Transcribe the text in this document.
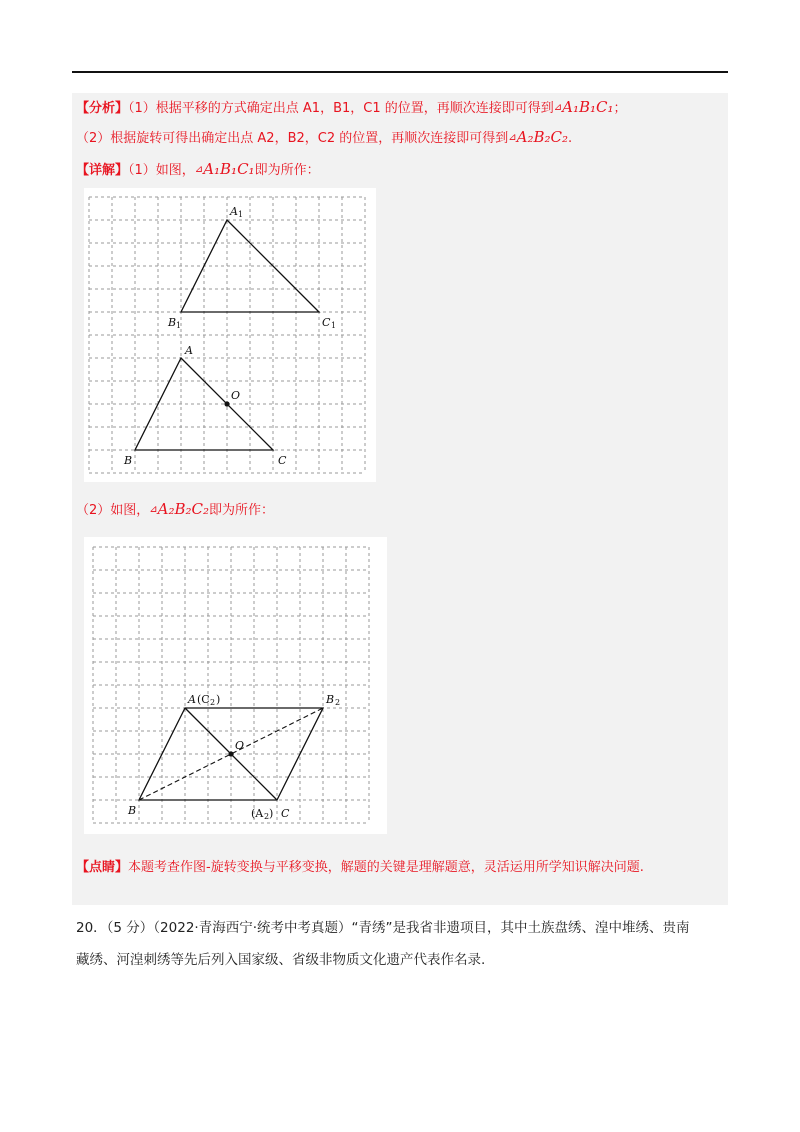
【分析】（1）根据平移的方式确定出点 A1，B1，C1 的位置，再顺次连接即可得到⊿A₁B₁C₁；
（2）根据旋转可得出确定出点 A2，B2，C2 的位置，再顺次连接即可得到⊿A₂B₂C₂.
【详解】（1）如图，⊿A₁B₁C₁即为所作：
A 1
B 1	C 1
A
O
B	C
（2）如图，⊿A₂B₂C₂即为所作：
A (C 2 )	B 2
O
B	(A 2 ) C
【点睛】本题考查作图-旋转变换与平移变换，解题的关键是理解题意，灵活运用所学知识解决问题.
20．（5 分）（2022·青海西宁·统考中考真题）“青绣”是我省非遗项目，其中土族盘绣、湟中堆绣、贵南
藏绣、河湟刺绣等先后列入国家级、省级非物质文化遗产代表作名录.
